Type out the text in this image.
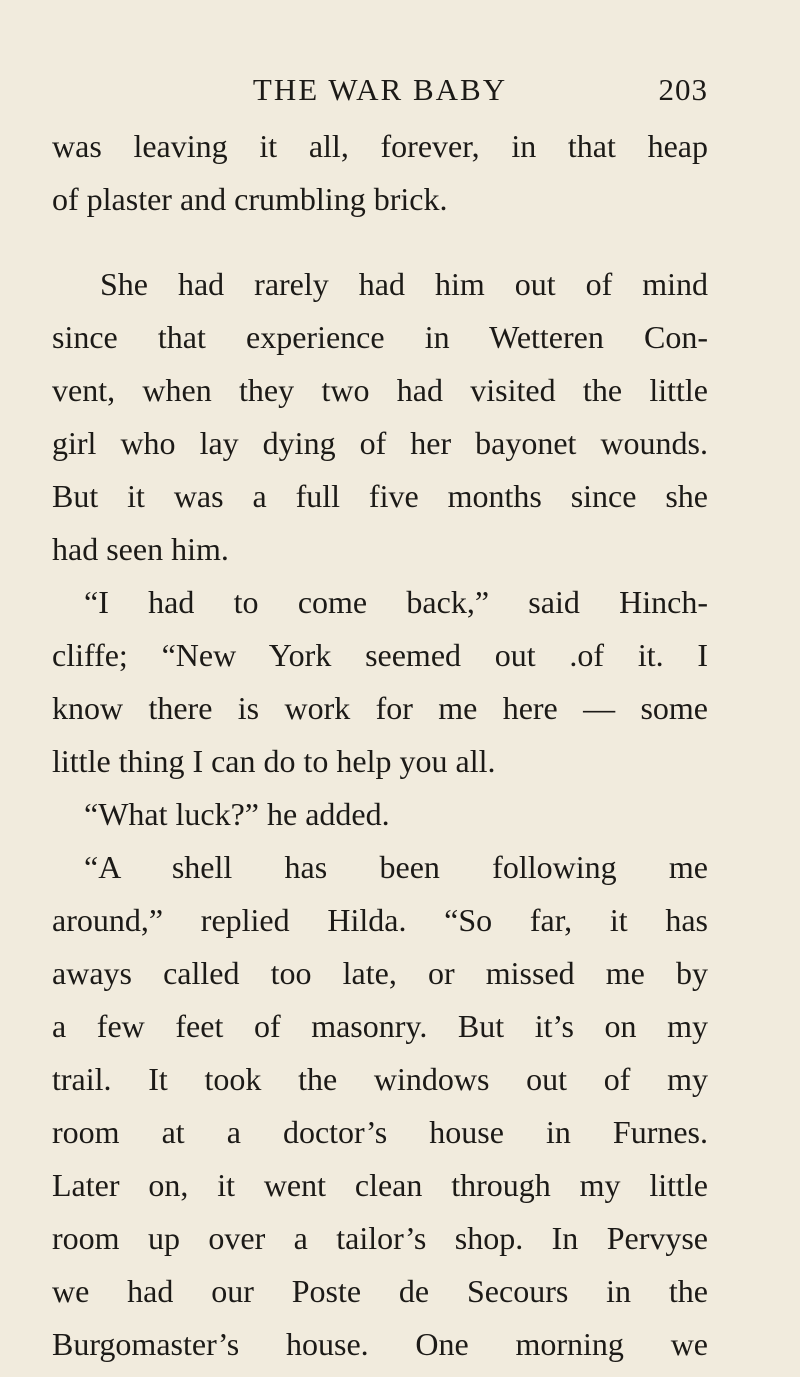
THE WAR BABY	203
was leaving it all, forever, in that heap
of plaster and crumbling brick.
She had rarely had him out of mind
since that experience in Wetteren Con-
vent, when they two had visited the little
girl who lay dying of her bayonet wounds.
But it was a full five months since she
had seen him.
“I had to come back,” said Hinch-
cliffe; “New York seemed out .of it. I
know there is work for me here — some
little thing I can do to help you all.
“What luck?” he added.
“A shell has been following me
around,” replied Hilda. “So far, it has
aways called too late, or missed me by
a few feet of masonry. But it’s on my
trail. It took the windows out of my
room at a doctor’s house in Furnes.
Later on, it went clean through my little
room up over a tailor’s shop. In Pervyse
we had our Poste de Secours in the
Burgomaster’s house. One morning we
